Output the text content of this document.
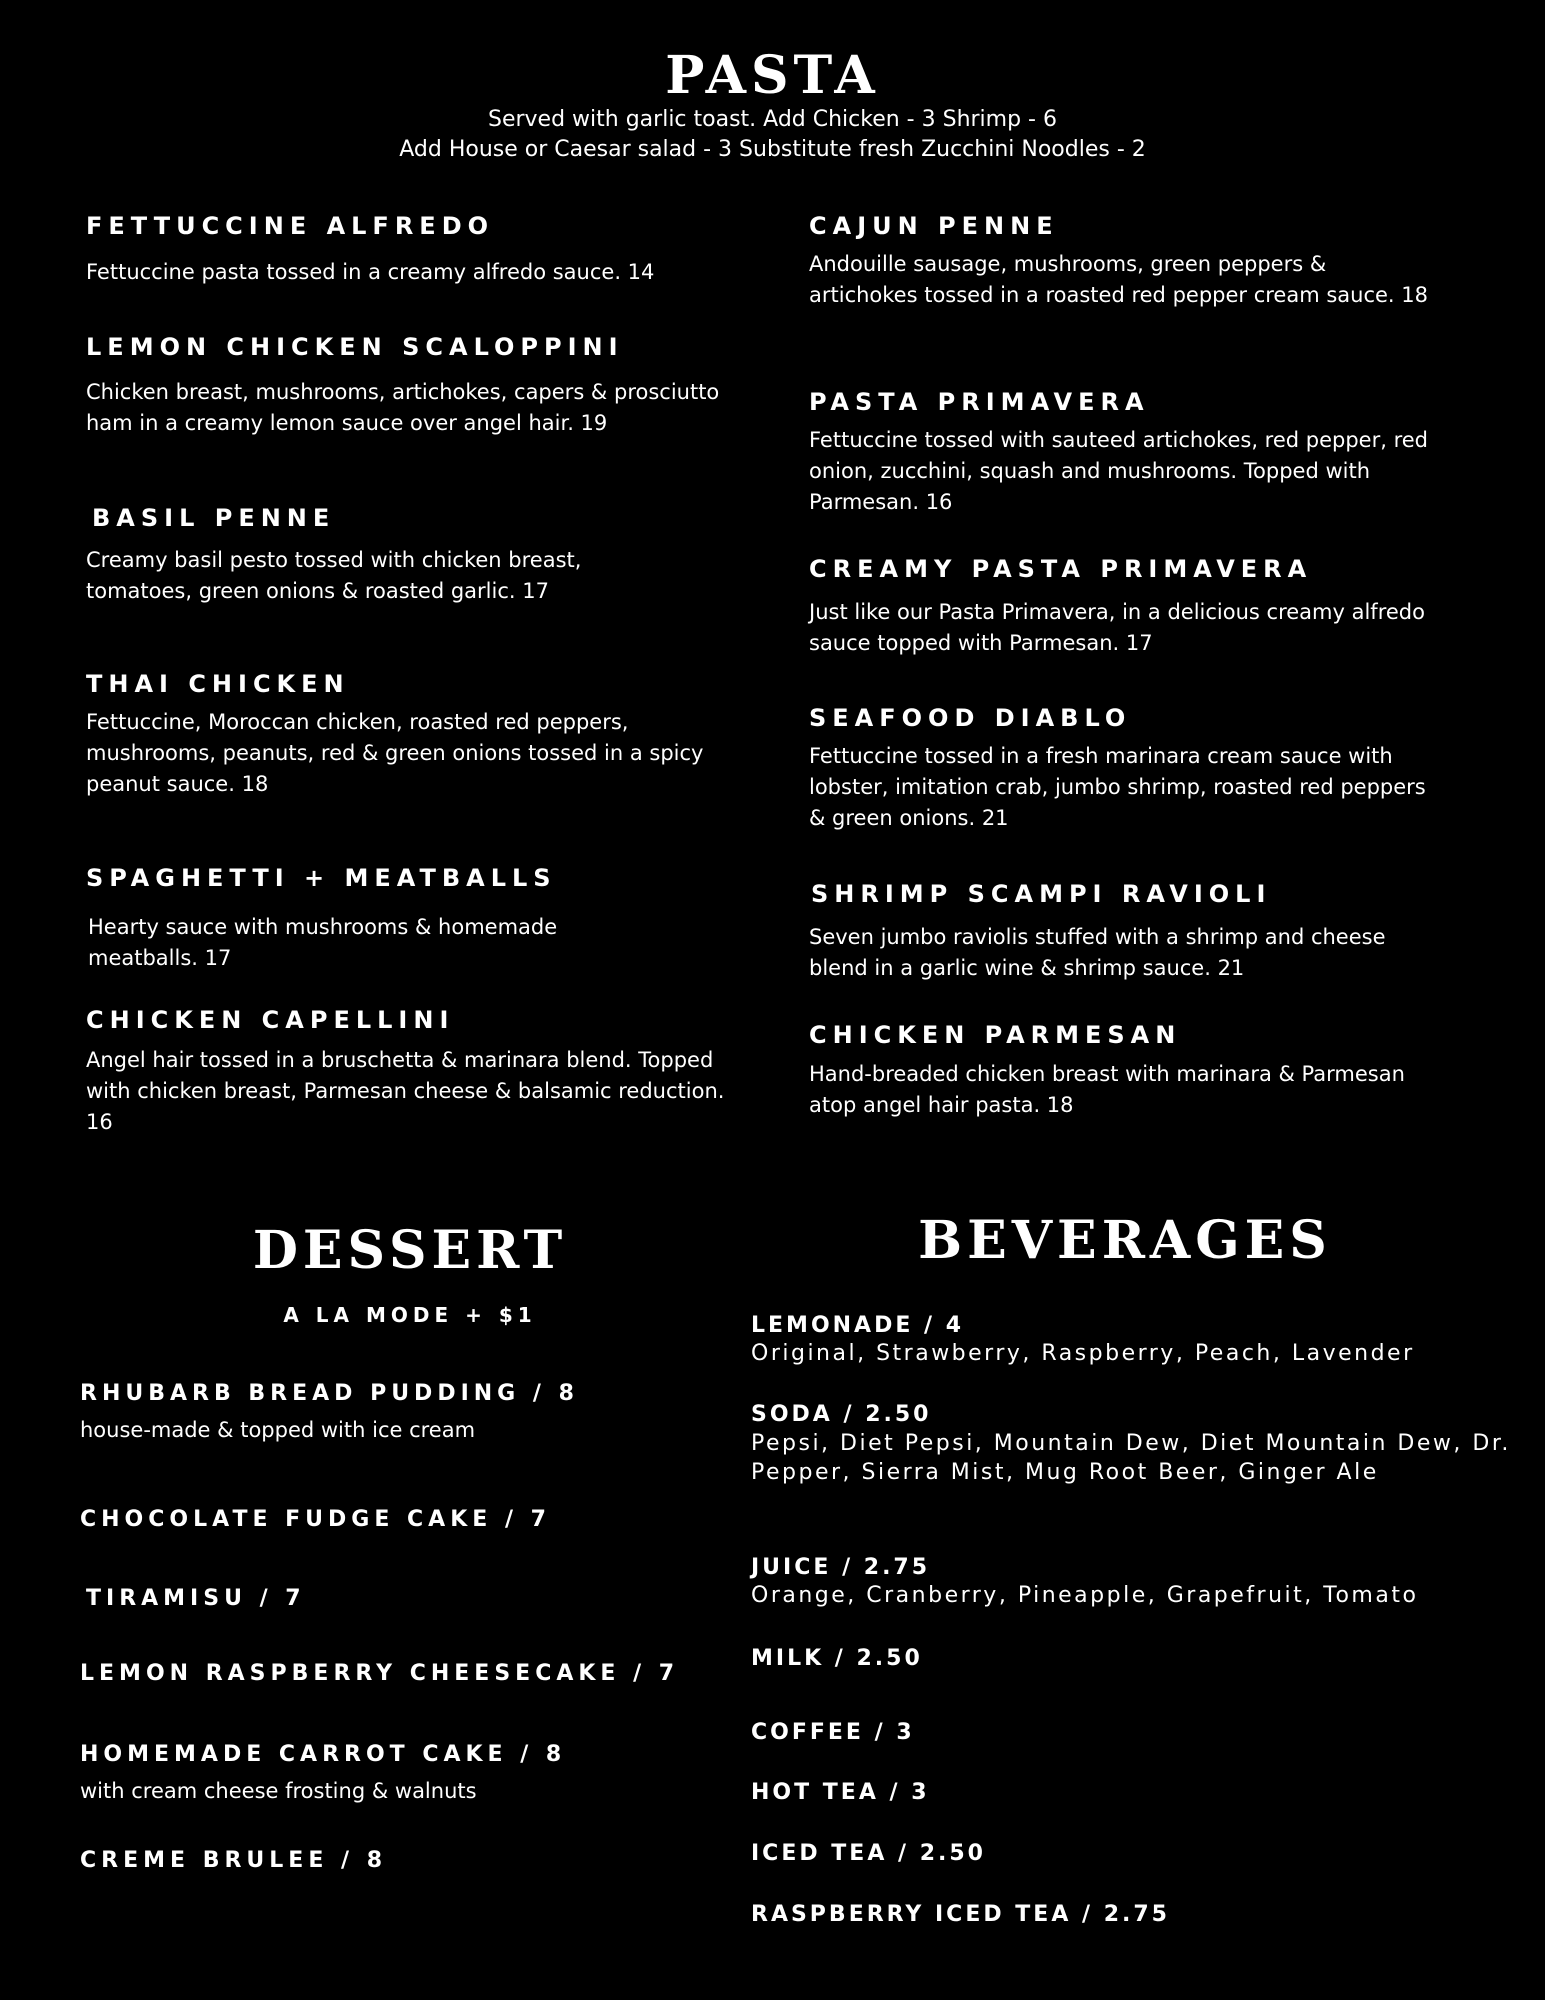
PASTA

Served with garlic toast. Add Chicken - 3 Shrimp - 6

Add House or Caesar salad - 3 Substitute fresh Zucchini Noodles - 2

FETTUCCINE ALFREDO

Fettuccine pasta tossed in a creamy alfredo sauce. 14

LEMON CHICKEN SCALOPPINI

Chicken breast, mushrooms, artichokes, capers & prosciutto ham in a creamy lemon sauce over angel hair. 19

BASIL PENNE

Creamy basil pesto tossed with chicken breast, tomatoes, green onions & roasted garlic. 17

THAI CHICKEN

Fettuccine, Moroccan chicken, roasted red peppers, mushrooms, peanuts, red & green onions tossed in a spicy peanut sauce. 18

SPAGHETTI + MEATBALLS

Hearty sauce with mushrooms & homemade meatballs. 17

CHICKEN CAPELLINI

Angel hair tossed in a bruschetta & marinara blend. Topped with chicken breast, Parmesan cheese & balsamic reduction. 16

CAJUN PENNE

Andouille sausage, mushrooms, green peppers & artichokes tossed in a roasted red pepper cream sauce. 18

PASTA PRIMAVERA

Fettuccine tossed with sauteed artichokes, red pepper, red onion, zucchini, squash and mushrooms. Topped with Parmesan. 16

CREAMY PASTA PRIMAVERA

Just like our Pasta Primavera, in a delicious creamy alfredo sauce topped with Parmesan. 17

SEAFOOD DIABLO

Fettuccine tossed in a fresh marinara cream sauce with lobster, imitation crab, jumbo shrimp, roasted red peppers & green onions. 21

SHRIMP SCAMPI RAVIOLI

Seven jumbo raviolis stuffed with a shrimp and cheese blend in a garlic wine & shrimp sauce. 21

CHICKEN PARMESAN

Hand-breaded chicken breast with marinara & Parmesan atop angel hair pasta. 18

DESSERT

A LA MODE + $1

RHUBARB BREAD PUDDING / 8

house-made & topped with ice cream

CHOCOLATE FUDGE CAKE / 7
TIRAMISU / 7
LEMON RASPBERRY CHEESECAKE / 7
HOMEMADE CARROT CAKE / 8

with cream cheese frosting & walnuts

CREME BRULEE / 8
BEVERAGES
LEMONADE / 4

Original, Strawberry, Raspberry, Peach, Lavender

SODA / 2.50

Pepsi, Diet Pepsi, Mountain Dew, Diet Mountain Dew, Dr. Pepper, Sierra Mist, Mug Root Beer, Ginger Ale

JUICE / 2.75

Orange, Cranberry, Pineapple, Grapefruit, Tomato

MILK / 2.50
COFFEE / 3
HOT TEA / 3
ICED TEA / 2.50
RASPBERRY ICED TEA / 2.75
